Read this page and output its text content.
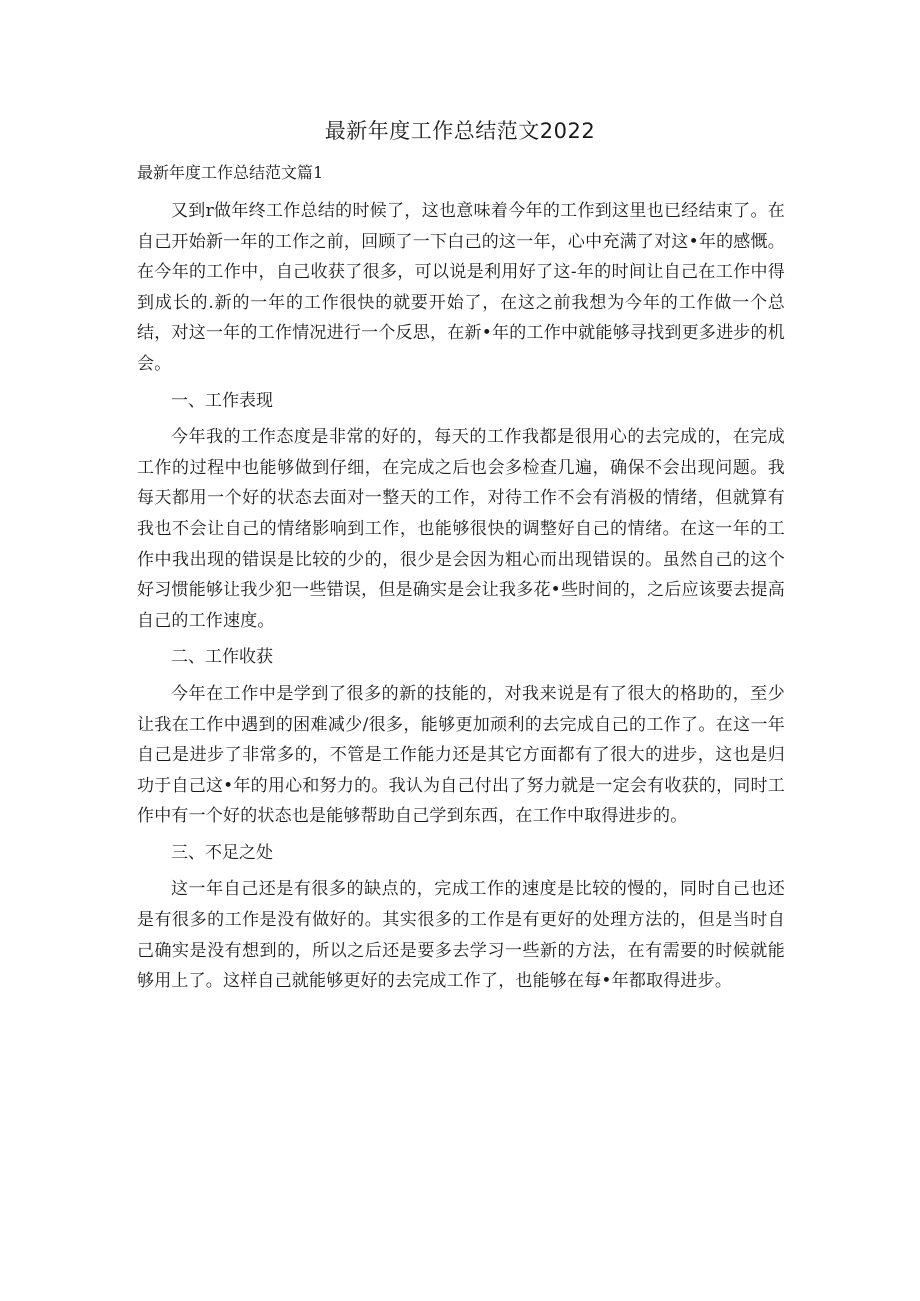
最新年度工作总结范文2022

最新年度工作总结范文篇1

又到r做年终工作总结的时候了，这也意味着今年的工作到这里也已经结束了。在自己开始新一年的工作之前，回顾了一下白己的这一年，心中充满了对这•年的感慨。在今年的工作中，自己收获了很多，可以说是利用好了这-年的时间让自己在工作中得到成长的.新的一年的工作很快的就要开始了，在这之前我想为今年的工作做一个总结，对这一年的工作情况进行一个反思，在新•年的工作中就能够寻找到更多进步的机会。

一、工作表现

今年我的工作态度是非常的好的，每天的工作我都是很用心的去完成的，在完成工作的过程中也能够做到仔细，在完成之后也会多检查几遍，确保不会出现问题。我每天都用一个好的状态去面对一整天的工作，对待工作不会有消极的情绪，但就算有我也不会让自己的情绪影响到工作，也能够很快的调整好自己的情绪。在这一年的工作中我出现的错误是比较的少的，很少是会因为粗心而出现错误的。虽然自己的这个好习惯能够让我少犯一些错误，但是确实是会让我多花•些时间的，之后应该要去提高自己的工作速度。

二、工作收获

今年在工作中是学到了很多的新的技能的，对我来说是有了很大的格助的，至少让我在工作中遇到的困难减少/很多，能够更加顽利的去完成自己的工作了。在这一年自己是进步了非常多的，不管是工作能力还是其它方面都有了很大的进步，这也是归功于自己这•年的用心和努力的。我认为自己付出了努力就是一定会有收获的，同时工作中有一个好的状态也是能够帮助自己学到东西，在工作中取得进步的。

三、不足之处

这一年自己还是有很多的缺点的，完成工作的速度是比较的慢的，同时自己也还是有很多的工作是没有做好的。其实很多的工作是有更好的处理方法的，但是当时自己确实是没有想到的，所以之后还是要多去学习一些新的方法，在有需要的时候就能够用上了。这样自己就能够更好的去完成工作了，也能够在每•年都取得进步。
